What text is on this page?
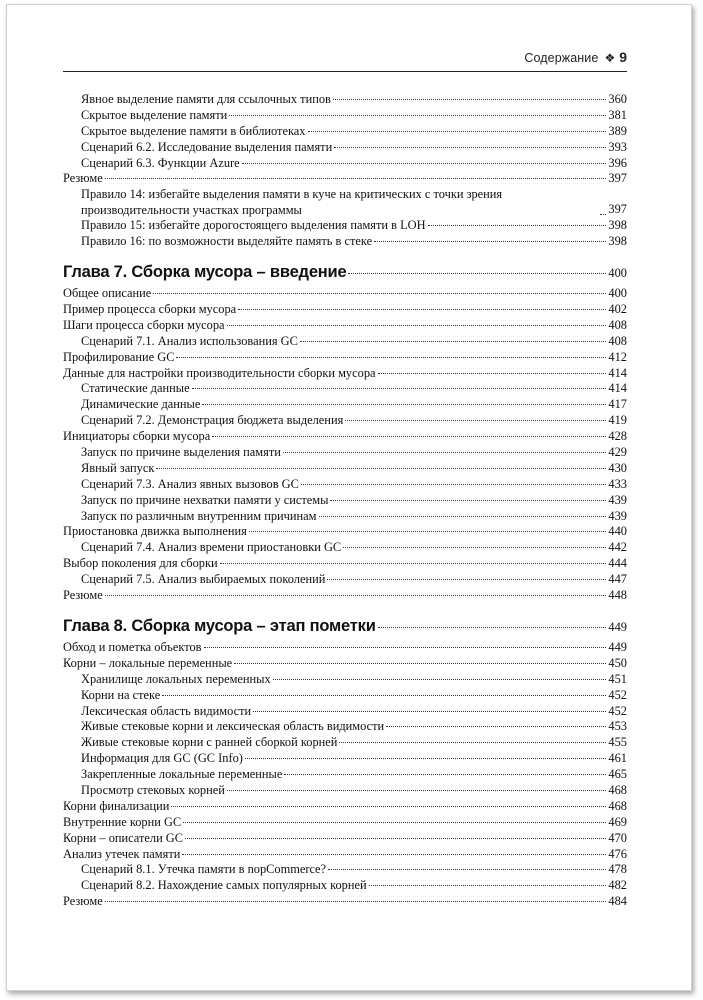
Содержание ❖ 9
Явное выделение памяти для ссылочных типов	360
Скрытое выделение памяти	381
Скрытое выделение памяти в библиотеках	389
Сценарий 6.2. Исследование выделения памяти	393
Сценарий 6.3. Функции Azure	396
Резюме	397
Правило 14: избегайте выделения памяти в куче на критических с точки зрения производительности участках программы	397
Правило 15: избегайте дорогостоящего выделения памяти в LOH	398
Правило 16: по возможности выделяйте память в стеке	398
Глава 7. Сборка мусора – введение	400
Общее описание	400
Пример процесса сборки мусора	402
Шаги процесса сборки мусора	408
Сценарий 7.1. Анализ использования GC	408
Профилирование GC	412
Данные для настройки производительности сборки мусора	414
Статические данные	414
Динамические данные	417
Сценарий 7.2. Демонстрация бюджета выделения	419
Инициаторы сборки мусора	428
Запуск по причине выделения памяти	429
Явный запуск	430
Сценарий 7.3. Анализ явных вызовов GC	433
Запуск по причине нехватки памяти у системы	439
Запуск по различным внутренним причинам	439
Приостановка движка выполнения	440
Сценарий 7.4. Анализ времени приостановки GC	442
Выбор поколения для сборки	444
Сценарий 7.5. Анализ выбираемых поколений	447
Резюме	448
Глава 8. Сборка мусора – этап пометки	449
Обход и пометка объектов	449
Корни – локальные переменные	450
Хранилище локальных переменных	451
Корни на стеке	452
Лексическая область видимости	452
Живые стековые корни и лексическая область видимости	453
Живые стековые корни с ранней сборкой корней	455
Информация для GC (GC Info)	461
Закрепленные локальные переменные	465
Просмотр стековых корней	468
Корни финализации	468
Внутренние корни GC	469
Корни – описатели GC	470
Анализ утечек памяти	476
Сценарий 8.1. Утечка памяти в nopCommerce?	478
Сценарий 8.2. Нахождение самых популярных корней	482
Резюме	484
